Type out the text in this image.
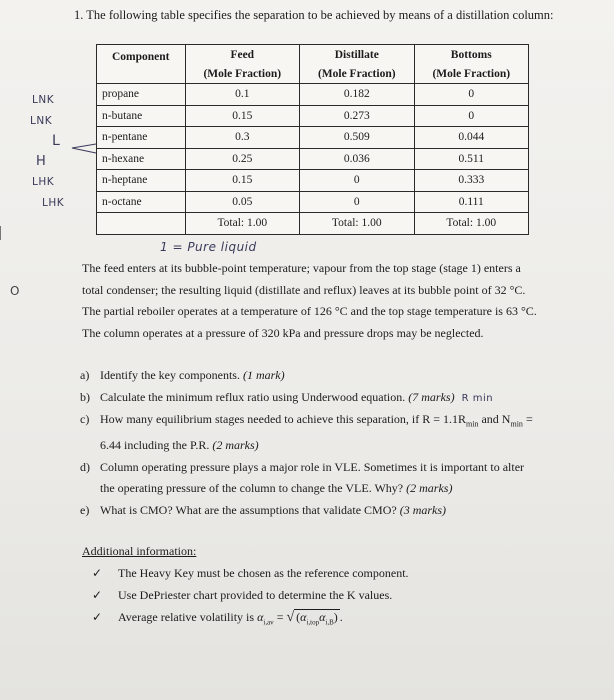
1. The following table specifies the separation to be achieved by means of a distillation column:
LNK
LNK
L
H
LHK
LHK
O
Component	Feed	Distillate	Bottoms
	(Mole Fraction)	(Mole Fraction)	(Mole Fraction)
propane	0.1	0.182	0
n-butane	0.15	0.273	0
n-pentane	0.3	0.509	0.044
n-hexane	0.25	0.036	0.511
n-heptane	0.15	0	0.333
n-octane	0.05	0	0.111
	Total: 1.00	Total: 1.00	Total: 1.00
1 = Pure liquid

The feed enters at its bubble-point temperature; vapour from the top stage (stage 1) enters a

total condenser; the resulting liquid (distillate and reflux) leaves at its bubble point of 32 °C.

The partial reboiler operates at a temperature of 126 °C and the top stage temperature is 63 °C.

The column operates at a pressure of 320 kPa and pressure drops may be neglected.

a) Identify the key components. (1 mark)
b) Calculate the minimum reflux ratio using Underwood equation. (7 marks) R min
c) How many equilibrium stages needed to achieve this separation, if $R = 1.1R_{min}$ and $N_{min}$ =
6.44 including the P.R. (2 marks)
d) Column operating pressure plays a major role in VLE. Sometimes it is important to alter
the operating pressure of the column to change the VLE. Why? (2 marks)
e) What is CMO? What are the assumptions that validate CMO? (3 marks)
Additional information:
✓ The Heavy Key must be chosen as the reference component.
✓ Use DePriester chart provided to determine the K values.
✓ Average relative volatility is $\alpha_{i,av}$ = √ $(\alpha_{i,top}\alpha_{i,B})$ .
